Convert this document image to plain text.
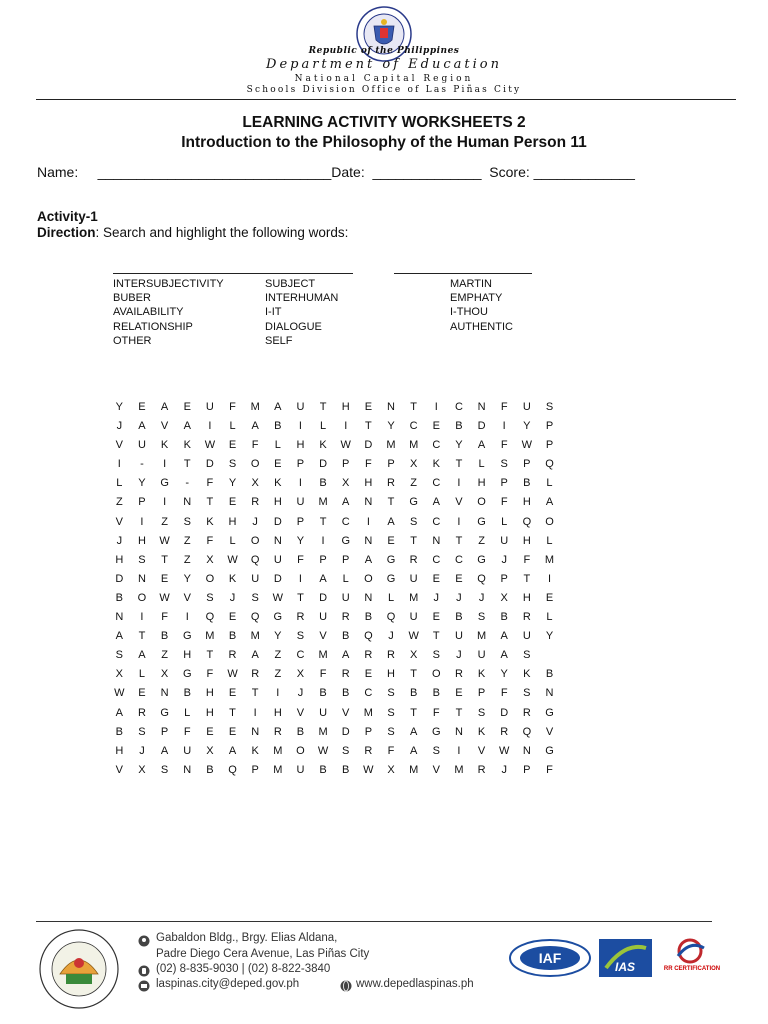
Republic of the Philippines
Department of Education
National Capital Region
Schools Division Office of Las Piñas City
LEARNING ACTIVITY WORKSHEETS 2
Introduction to the Philosophy of the Human Person 11
Name:     ______________________________Date:  ______________  Score: _____________
Activity-1
Direction: Search and highlight the following words:
INTERSUBJECTIVITY
BUBER
AVAILABILITY
RELATIONSHIP
OTHER
SUBJECT
INTERHUMAN
I-IT
DIALOGUE
SELF
MARTIN
EMPHATY
I-THOU
AUTHENTIC
Y	E	A	E	U	F	M	A	U	T	H	E	N	T	I	C	N	F	U	S
J	A	V	A	I	L	A	B	I	L	I	T	Y	C	E	B	D	I	Y	P
V	U	K	K	W	E	F	L	H	K	W	D	M	M	C	Y	A	F	W	P
I	-	I	T	D	S	O	E	P	D	P	F	P	X	K	T	L	S	P	Q
L	Y	G	-	F	Y	X	K	I	B	X	H	R	Z	C	I	H	P	B	L
Z	P	I	N	T	E	R	H	U	M	A	N	T	G	A	V	O	F	H	A
V	I	Z	S	K	H	J	D	P	T	C	I	A	S	C	I	G	L	Q	O
J	H	W	Z	F	L	O	N	Y	I	G	N	E	T	N	T	Z	U	H	L
H	S	T	Z	X	W	Q	U	F	P	P	A	G	R	C	C	G	J	F	M
D	N	E	Y	O	K	U	D	I	A	L	O	G	U	E	E	Q	P	T	I
B	O	W	V	S	J	S	W	T	D	U	N	L	M	J	J	J	X	H	E
N	I	F	I	Q	E	Q	G	R	U	R	B	Q	U	E	B	S	B	R	L
A	T	B	G	M	B	M	Y	S	V	B	Q	J	W	T	U	M	A	U	Y
S	A	Z	H	T	R	A	Z	C	M	A	R	R	X	S	J	U	A	S
X	L	X	G	F	W	R	Z	X	F	R	E	H	T	O	R	K	Y	K	B
W	E	N	B	H	E	T	I	J	B	B	C	S	B	B	E	P	F	S	N
A	R	G	L	H	T	I	H	V	U	V	M	S	T	F	T	S	D	R	G
B	S	P	F	E	E	N	R	B	M	D	P	S	A	G	N	K	R	Q	V
H	J	A	U	X	A	K	M	O	W	S	R	F	A	S	I	V	W	N	G
V	X	S	N	B	Q	P	M	U	B	B	W	X	M	V	M	R	J	P	F
Gabaldon Bldg., Brgy. Elias Aldana,
Padre Diego Cera Avenue, Las Piñas City
(02) 8-835-9030 | (02) 8-822-3840
laspinas.city@deped.gov.ph	www.depedlaspinas.ph
IAF
IAS	RR CERTIFICATION
